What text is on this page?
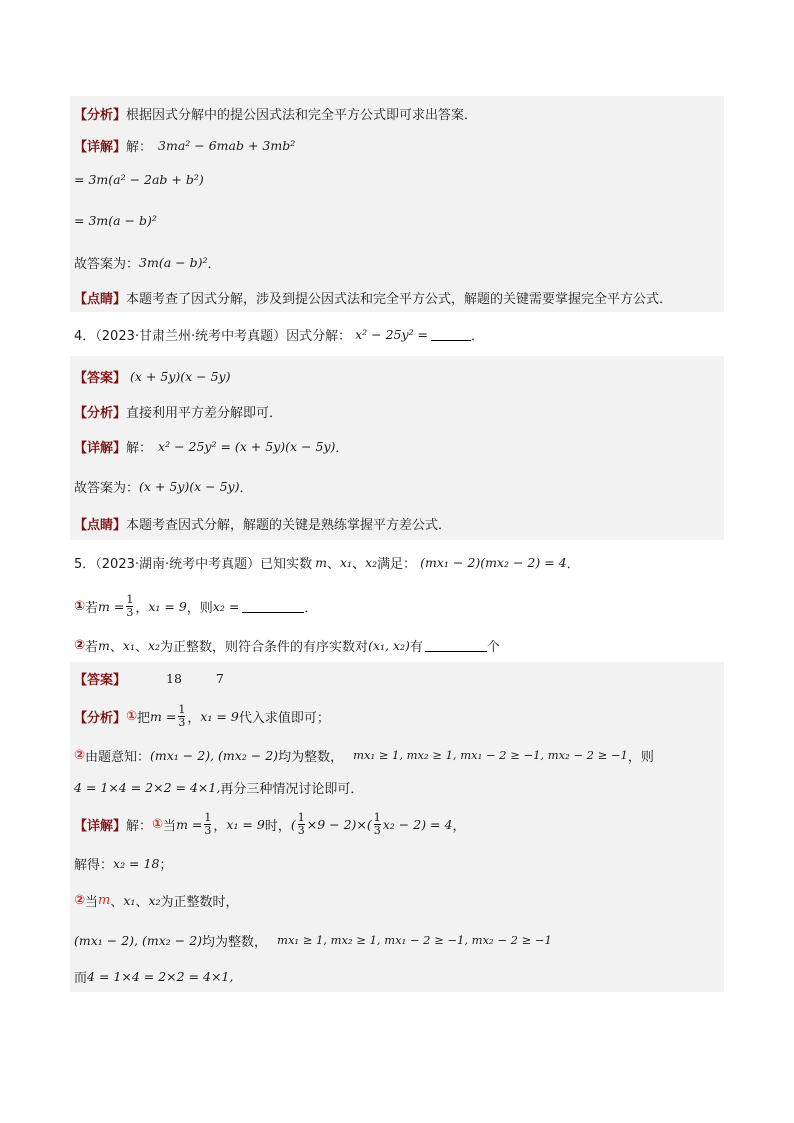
【分析】 根据因式分解中的提公因式法和完全平方公式即可求出答案．
【详解】 解： 3ma² − 6mab + 3mb²
= 3m(a² − 2ab + b²)
= 3m(a − b)²
故答案为： 3m(a − b)² ．
【点睛】 本题考查了因式分解，涉及到提公因式法和完全平方公式，解题的关键需要掌握完全平方公式．
4．（2023·甘肃兰州·统考中考真题）因式分解： x² − 25y² =	．
【答案】 (x + 5y)(x − 5y)
【分析】 直接利用平方差分解即可．
【详解】 解： x² − 25y² = (x + 5y)(x − 5y) ．
故答案为： (x + 5y)(x − 5y) ．
【点睛】 本题考查因式分解，解题的关键是熟练掌握平方差公式．
5．（2023·湖南·统考中考真题）已知实数 m 、 x₁ 、 x₂ 满足： (mx₁ − 2)(mx₂ − 2) = 4 ．
① 若 $m = \frac{1}{3}$ ， x₁ = 9 ，则 x₂ =	．
② 若 m 、 x₁ 、 x₂ 为正整数，则符合条件的有序实数对 (x₁, x₂) 有	个
【答案】	18	7
【分析】 ① 把 $m = \frac{1}{3}$ ， x₁ = 9 代入求值即可；
② 由题意知： (mx₁ − 2), (mx₂ − 2) 均为整数， mx₁ ≥ 1, mx₂ ≥ 1, mx₁ − 2 ≥ −1, mx₂ − 2 ≥ −1 ，则
4 = 1×4 = 2×2 = 4×1, 再分三种情况讨论即可．
【详解】 解： ① 当 $m = \frac{1}{3}$ ， x₁ = 9 时， ( $\frac{1}{3} \times 9 - 2)\times( \frac{1}{3} x_2 - 2) = 4$ ，
解得： x₂ = 18 ；
② 当 m 、 x₁ 、 x₂ 为正整数时，
(mx₁ − 2), (mx₂ − 2) 均为整数， mx₁ ≥ 1, mx₂ ≥ 1, mx₁ − 2 ≥ −1, mx₂ − 2 ≥ −1
而 4 = 1×4 = 2×2 = 4×1,
